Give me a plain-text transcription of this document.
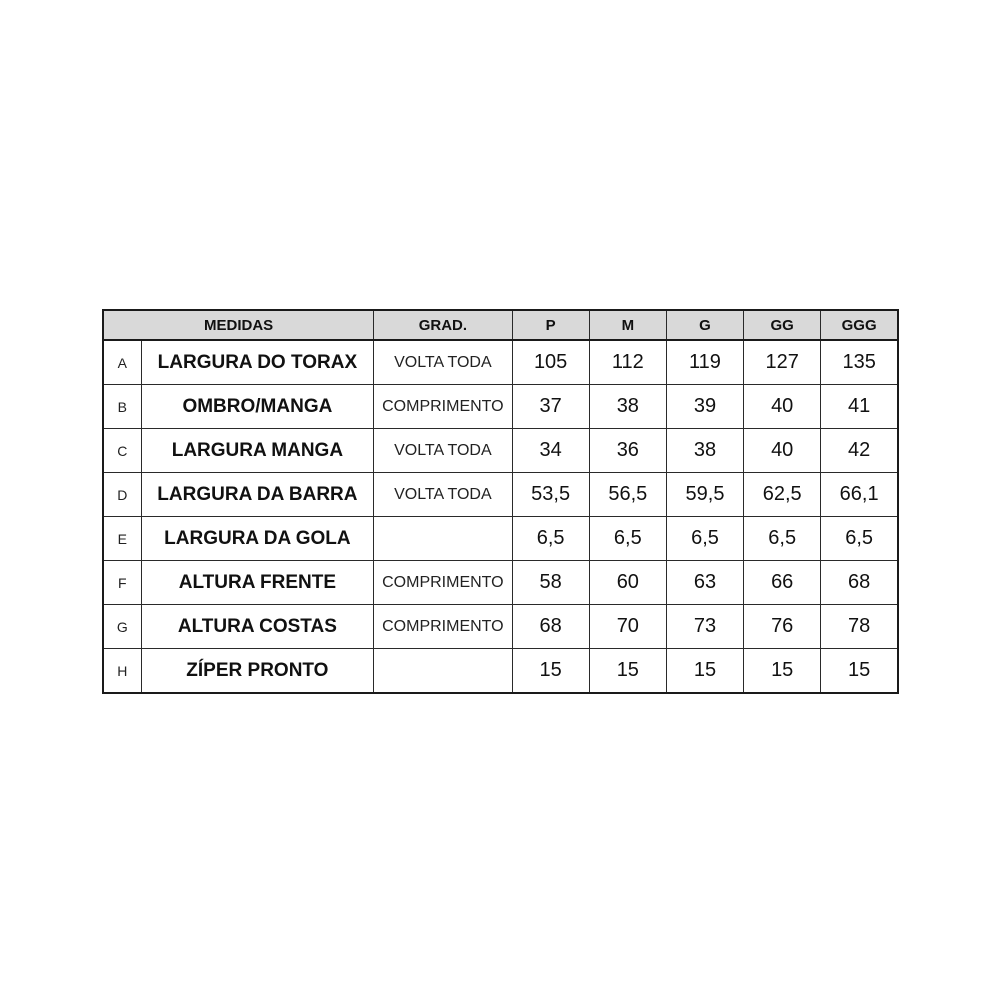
MEDIDAS		GRAD.	P	M	G	GG	GGG
A	LARGURA DO TORAX	VOLTA TODA	105	112	119	127	135
B	OMBRO/MANGA	COMPRIMENTO	37	38	39	40	41
C	LARGURA MANGA	VOLTA TODA	34	36	38	40	42
D	LARGURA DA BARRA	VOLTA TODA	53,5	56,5	59,5	62,5	66,1
E	LARGURA DA GOLA		6,5	6,5	6,5	6,5	6,5
F	ALTURA FRENTE	COMPRIMENTO	58	60	63	66	68
G	ALTURA COSTAS	COMPRIMENTO	68	70	73	76	78
H	ZÍPER PRONTO		15	15	15	15	15
